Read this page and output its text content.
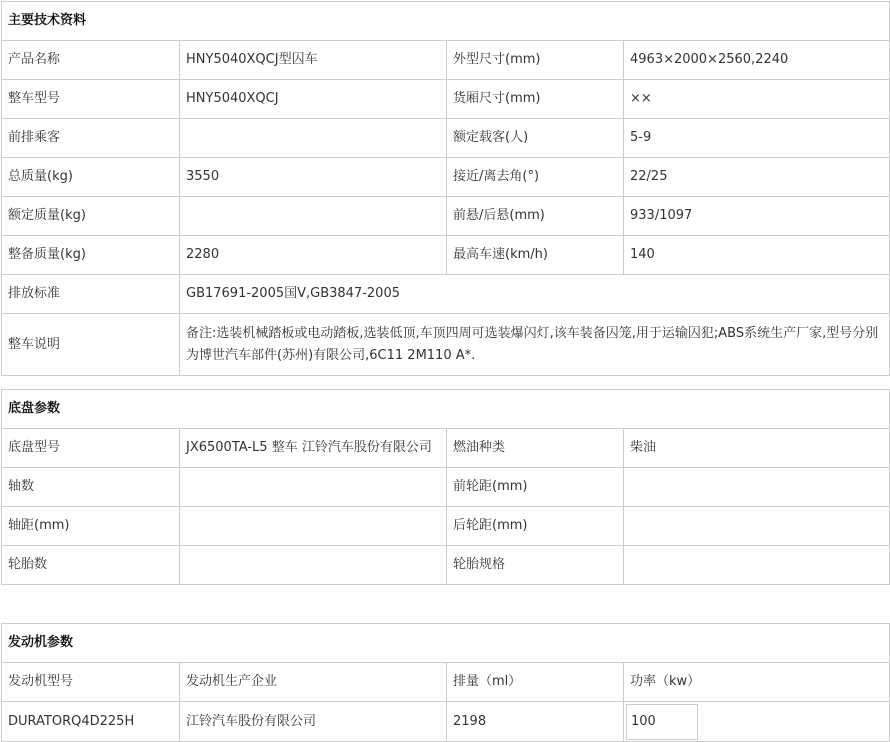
主要技术资料			
产品名称	HNY5040XQCJ型囚车	外型尺寸(mm)	4963×2000×2560,2240
整车型号	HNY5040XQCJ	货厢尺寸(mm)	××
前排乘客		额定载客(人)	5-9
总质量(kg)	3550	接近/离去角(°)	22/25
额定质量(kg)		前悬/后悬(mm)	933/1097
整备质量(kg)	2280	最高车速(km/h)	140
排放标准	GB17691-2005国Ⅴ,GB3847-2005		
整车说明	备注:选装机械踏板或电动踏板,选装低顶,车顶四周可选装爆闪灯,该车装备囚笼,用于运输囚犯;ABS系统生产厂家,型号分别为博世汽车部件(苏州)有限公司,6C11 2M110 A*.		
底盘参数			
底盘型号	JX6500TA-L5 整车 江铃汽车股份有限公司	燃油种类	柴油
轴数		前轮距(mm)	
轴距(mm)		后轮距(mm)	
轮胎数		轮胎规格	
发动机参数			
发动机型号	发动机生产企业	排量（ml）	功率（kw）
DURATORQ4D225H	江铃汽车股份有限公司	2198	100
